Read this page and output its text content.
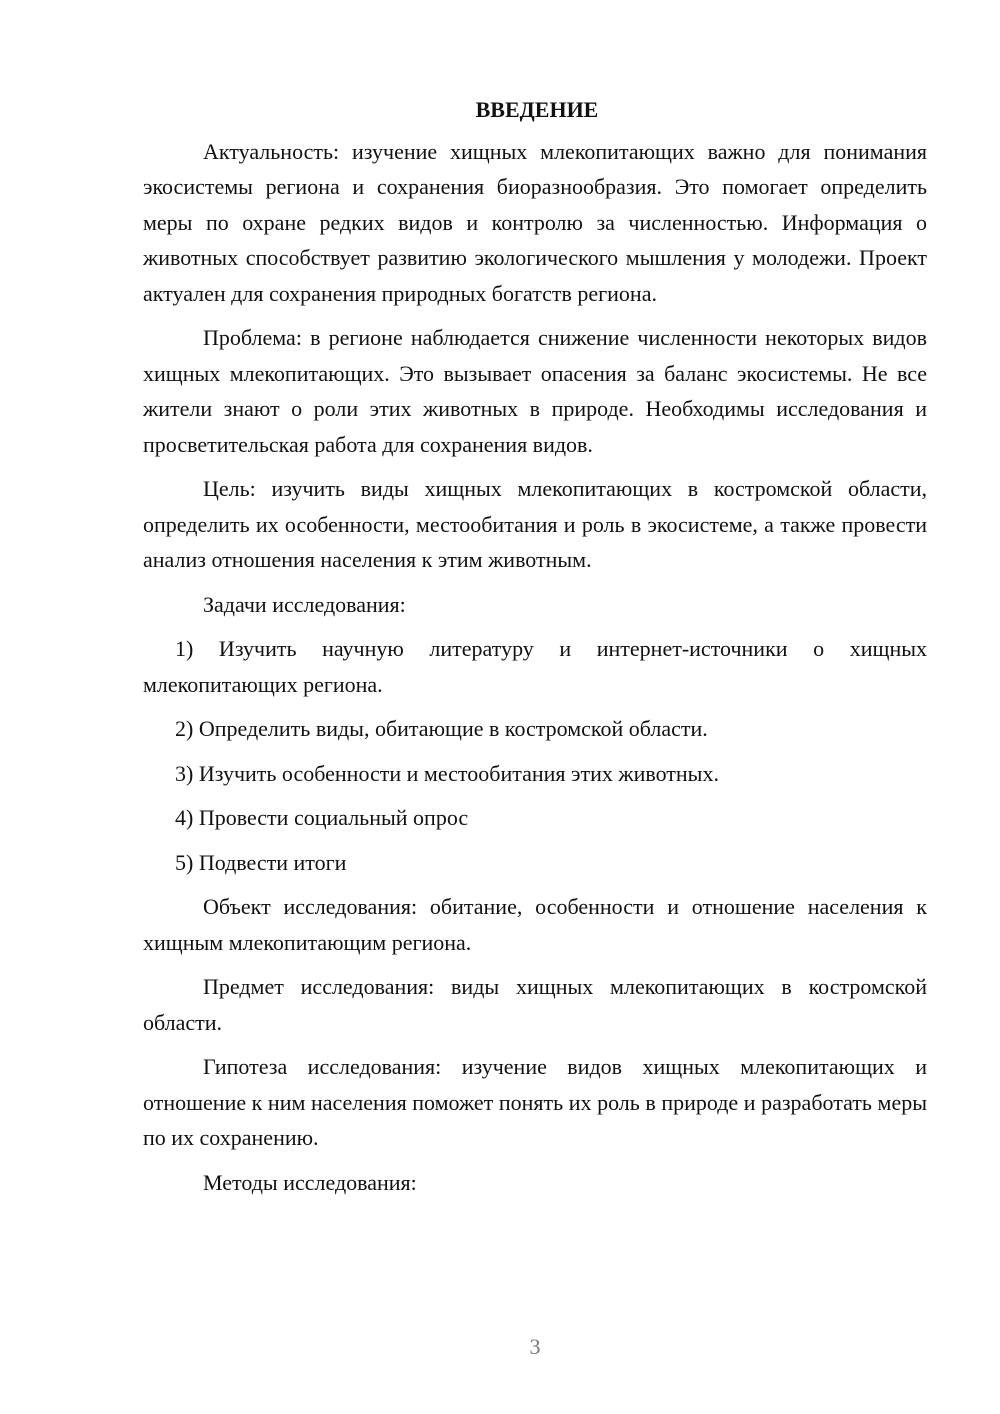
ВВЕДЕНИЕ
Актуальность: изучение хищных млекопитающих важно для понимания экосистемы региона и сохранения биоразнообразия. Это помогает определить меры по охране редких видов и контролю за численностью. Информация о животных способствует развитию экологического мышления у молодежи. Проект актуален для сохранения природных богатств региона.
Проблема: в регионе наблюдается снижение численности некоторых видов хищных млекопитающих. Это вызывает опасения за баланс экосистемы. Не все жители знают о роли этих животных в природе. Необходимы исследования и просветительская работа для сохранения видов.
Цель: изучить виды хищных млекопитающих в костромской области, определить их особенности, местообитания и роль в экосистеме, а также провести анализ отношения населения к этим животным.
Задачи исследования:
1) Изучить научную литературу и интернет-источники о хищных млекопитающих региона.
2) Определить виды, обитающие в костромской области.
3) Изучить особенности и местообитания этих животных.
4) Провести социальный опрос
5) Подвести итоги
Объект исследования: обитание, особенности и отношение населения к хищным млекопитающим региона.
Предмет исследования: виды хищных млекопитающих в костромской области.
Гипотеза исследования: изучение видов хищных млекопитающих и отношение к ним населения поможет понять их роль в природе и разработать меры по их сохранению.
Методы исследования:
3
